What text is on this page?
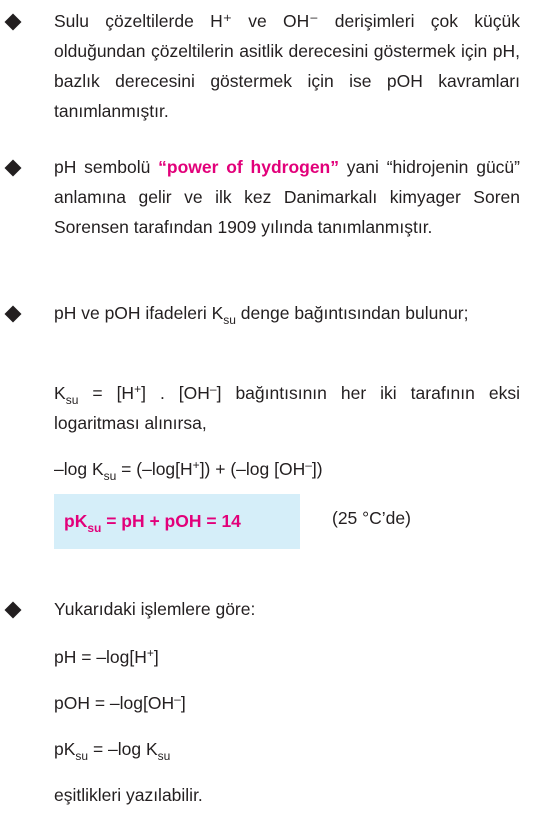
Sulu çözeltilerde H⁺ ve OH⁻ derişimleri çok küçük olduğundan çözeltilerin asitlik derecesini göstermek için pH, bazlık derecesini göstermek için ise pOH kavramları tanımlanmıştır.
pH sembolü “power of hydrogen” yani “hidrojenin gücü” anlamına gelir ve ilk kez Danimarkalı kimyager Soren Sorensen tarafından 1909 yılında tanımlanmıştır.
pH ve pOH ifadeleri $K_{su}$ denge bağıntısından bulunur;
$K_{su} = [H^+]$ . [OH–] bağıntısının her iki tarafının eksi logaritması alınırsa,
–log $K_{su} = (-\log[H^+]) + (-\log$ [OH–])
$pK_{su}$ = pH + pOH = 14	(25 °C’de)
Yukarıdaki işlemlere göre:
pH = –log[H+]
pOH = –log[OH–]
$pK_{su} = -\log$ $K_{su}$
eşitlikleri yazılabilir.
